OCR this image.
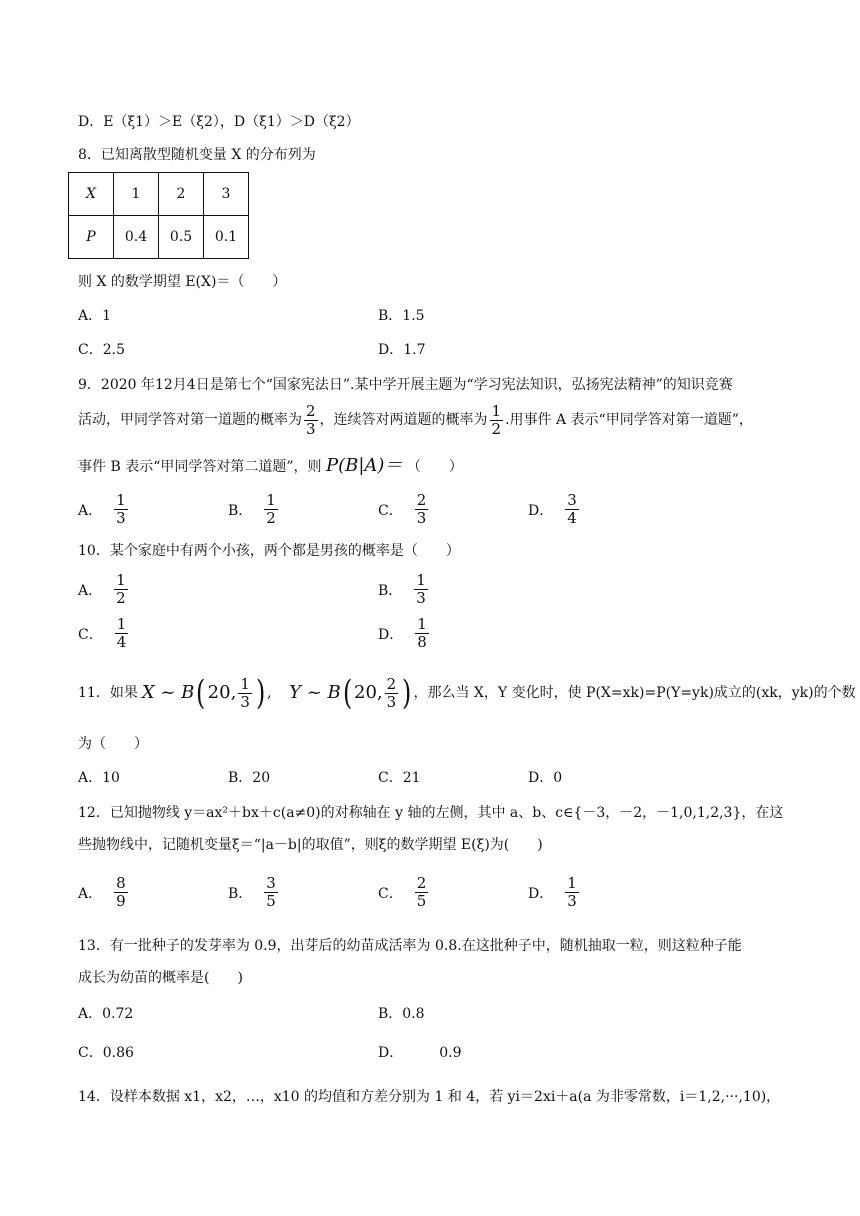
D．E（ξ1）＞E（ξ2），D（ξ1）＞D（ξ2）
8．已知离散型随机变量 X 的分布列为
X	1	2	3
P	0.4	0.5	0.1
则 X 的数学期望 E(X)＝（　　）
A．1	B．1.5
C．2.5	D．1.7
9．2020 年12月4日是第七个“国家宪法日”.某中学开展主题为“学习宪法知识，弘扬宪法精神”的知识竞赛
活动，甲同学答对第一道题的概率为 $\frac{2}{3}$ ，连续答对两道题的概率为 $\frac{1}{2}$ .用事件 A 表示“甲同学答对第一道题”，
事件 B 表示“甲同学答对第二道题”，则 P(B|A)＝ （　　）
A． $\frac{1}{3}$	B． $\frac{1}{2}$	C． $\frac{2}{3}$	D． $\frac{3}{4}$
10．某个家庭中有两个小孩，两个都是男孩的概率是（　　）
A． $\frac{1}{2}$	B． $\frac{1}{3}$
C． $\frac{1}{4}$	D． $\frac{1}{8}$
11．如果 X ~ B ( 20, $\frac{1}{3}$ ) , Y ~ B ( 20, $\frac{2}{3}$ ) ，那么当 X，Y 变化时，使 P(X=xk)=P(Y=yk)成立的(xk，yk)的个数
为（　　）
A．10	B．20	C．21	D．0
12．已知抛物线 y＝ax²＋bx＋c(a≠0)的对称轴在 y 轴的左侧，其中 a、b、c∈{－3，－2，－1,0,1,2,3}，在这
些抛物线中，记随机变量ξ＝“|a－b|的取值”，则ξ的数学期望 E(ξ)为(　　)
A． $\frac{8}{9}$	B． $\frac{3}{5}$	C． $\frac{2}{5}$	D． $\frac{1}{3}$
13．有一批种子的发芽率为 0.9，出芽后的幼苗成活率为 0.8.在这批种子中，随机抽取一粒，则这粒种子能
成长为幼苗的概率是(　　)
A．0.72	B．0.8
C．0.86	D．	0.9
14．设样本数据 x1，x2，…，x10 的均值和方差分别为 1 和 4，若 yi＝2xi＋a(a 为非零常数，i＝1,2,···,10)，
